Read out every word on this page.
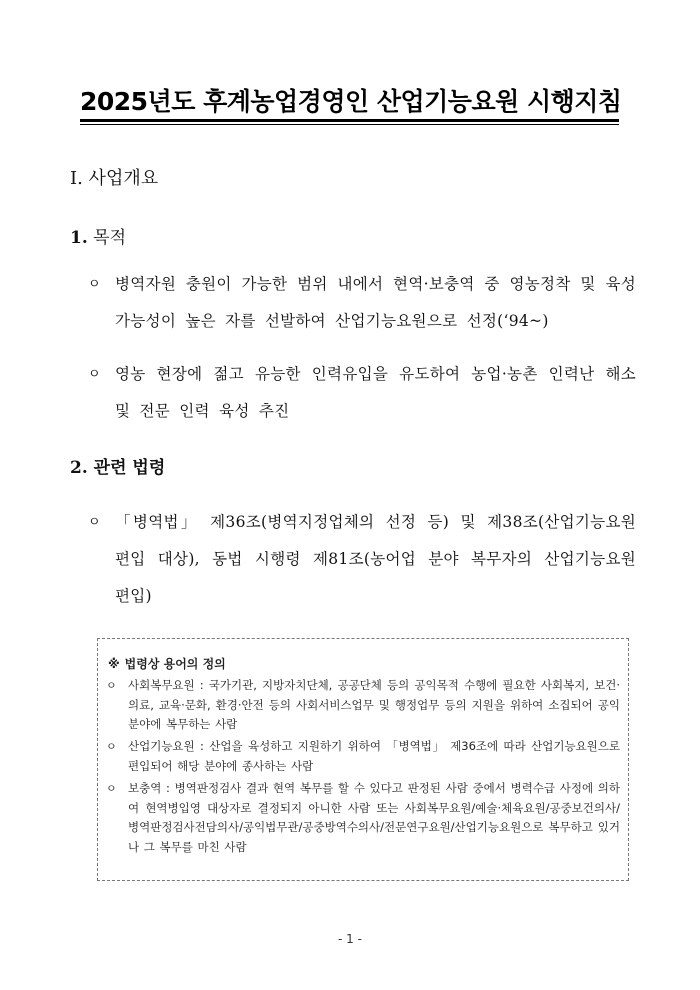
2025년도 후계농업경영인 산업기능요원 시행지침
Ⅰ. 사업개요
1. 목적
ㅇ 병역자원 충원이 가능한 범위 내에서 현역·보충역 중 영농정착 및 육성 가능성이 높은 자를 선발하여 산업기능요원으로 선정(‘94~)
ㅇ 영농 현장에 젊고 유능한 인력유입을 유도하여 농업·농촌 인력난 해소 및 전문 인력 육성 추진
2. 관련 법령
ㅇ 「병역법」 제36조(병역지정업체의 선정 등) 및 제38조(산업기능요원 편입 대상), 동법 시행령 제81조(농어업 분야 복무자의 산업기능요원 편입)
※ 법령상 용어의 정의
ㅇ 사회복무요원 : 국가기관, 지방자치단체, 공공단체 등의 공익목적 수행에 필요한 사회복지, 보건·의료, 교육·문화, 환경·안전 등의 사회서비스업무 및 행정업무 등의 지원을 위하여 소집되어 공익분야에 복무하는 사람
ㅇ 산업기능요원 : 산업을 육성하고 지원하기 위하여 「병역법」 제36조에 따라 산업기능요원으로 편입되어 해당 분야에 종사하는 사람
ㅇ 보충역 : 병역판정검사 결과 현역 복무를 할 수 있다고 판정된 사람 중에서 병력수급 사정에 의하여 현역병입영 대상자로 결정되지 아니한 사람 또는 사회복무요원/예술·체육요원/공중보건의사/병역판정검사전담의사/공익법무관/공중방역수의사/전문연구요원/산업기능요원으로 복무하고 있거나 그 복무를 마친 사람
- 1 -
